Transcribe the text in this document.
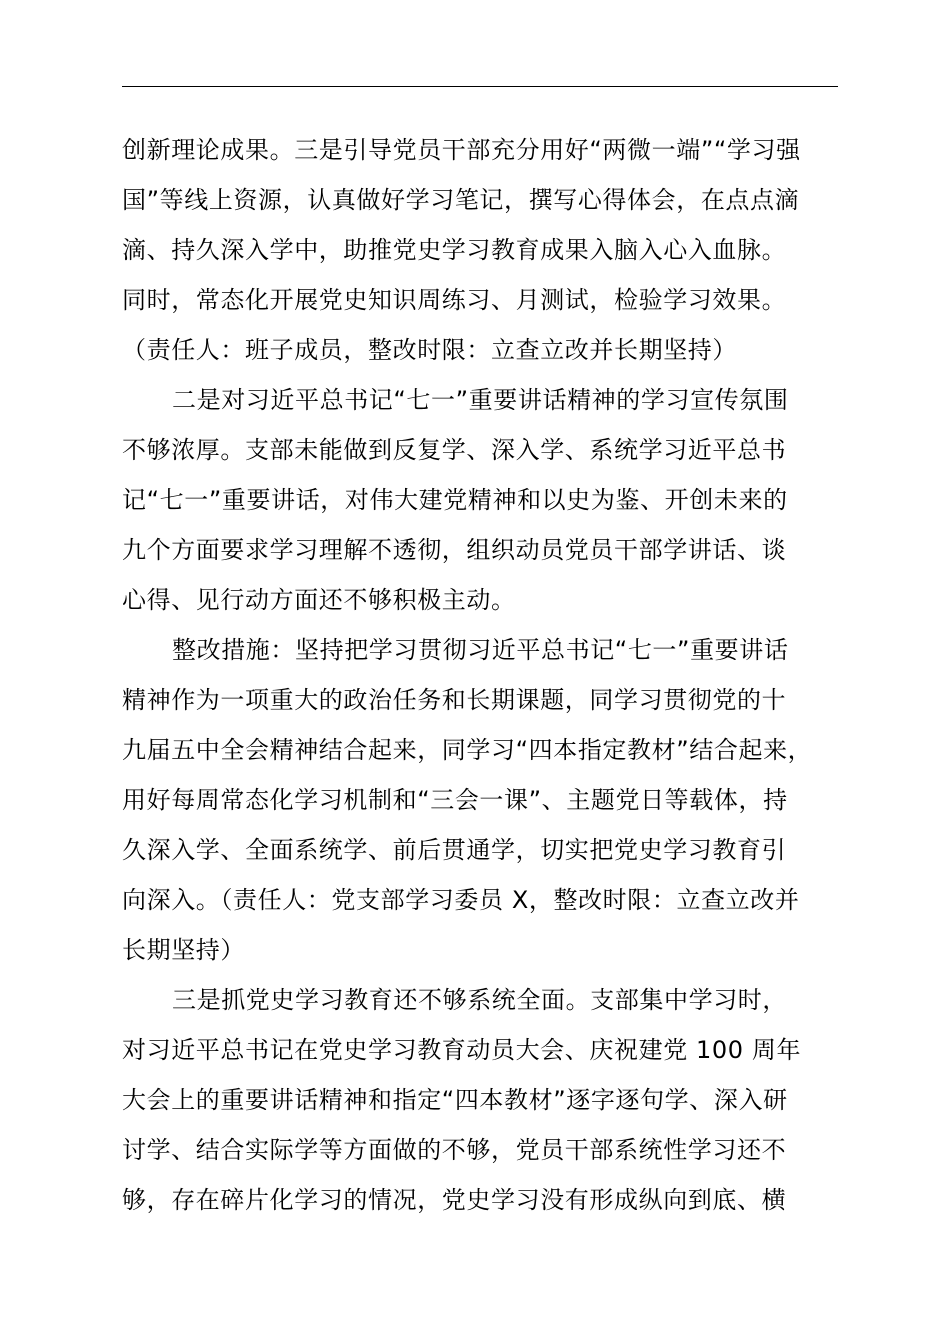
创新理论成果。三是引导党员干部充分用好“两微一端”“学习强
国”等线上资源，认真做好学习笔记，撰写心得体会，在点点滴
滴、持久深入学中，助推党史学习教育成果入脑入心入血脉。
同时，常态化开展党史知识周练习、月测试，检验学习效果。
（责任人：班子成员，整改时限：立查立改并长期坚持）
二是对习近平总书记“七一”重要讲话精神的学习宣传氛围
不够浓厚。支部未能做到反复学、深入学、系统学习近平总书
记“七一”重要讲话，对伟大建党精神和以史为鉴、开创未来的
九个方面要求学习理解不透彻，组织动员党员干部学讲话、谈
心得、见行动方面还不够积极主动。
整改措施：坚持把学习贯彻习近平总书记“七一”重要讲话
精神作为一项重大的政治任务和长期课题，同学习贯彻党的十
九届五中全会精神结合起来，同学习“四本指定教材”结合起来，
用好每周常态化学习机制和“三会一课”、主题党日等载体，持
久深入学、全面系统学、前后贯通学，切实把党史学习教育引
向深入。（责任人：党支部学习委员 X，整改时限：立查立改并
长期坚持）
三是抓党史学习教育还不够系统全面。支部集中学习时，
对习近平总书记在党史学习教育动员大会、庆祝建党 100 周年
大会上的重要讲话精神和指定“四本教材”逐字逐句学、深入研
讨学、结合实际学等方面做的不够，党员干部系统性学习还不
够，存在碎片化学习的情况，党史学习没有形成纵向到底、横
